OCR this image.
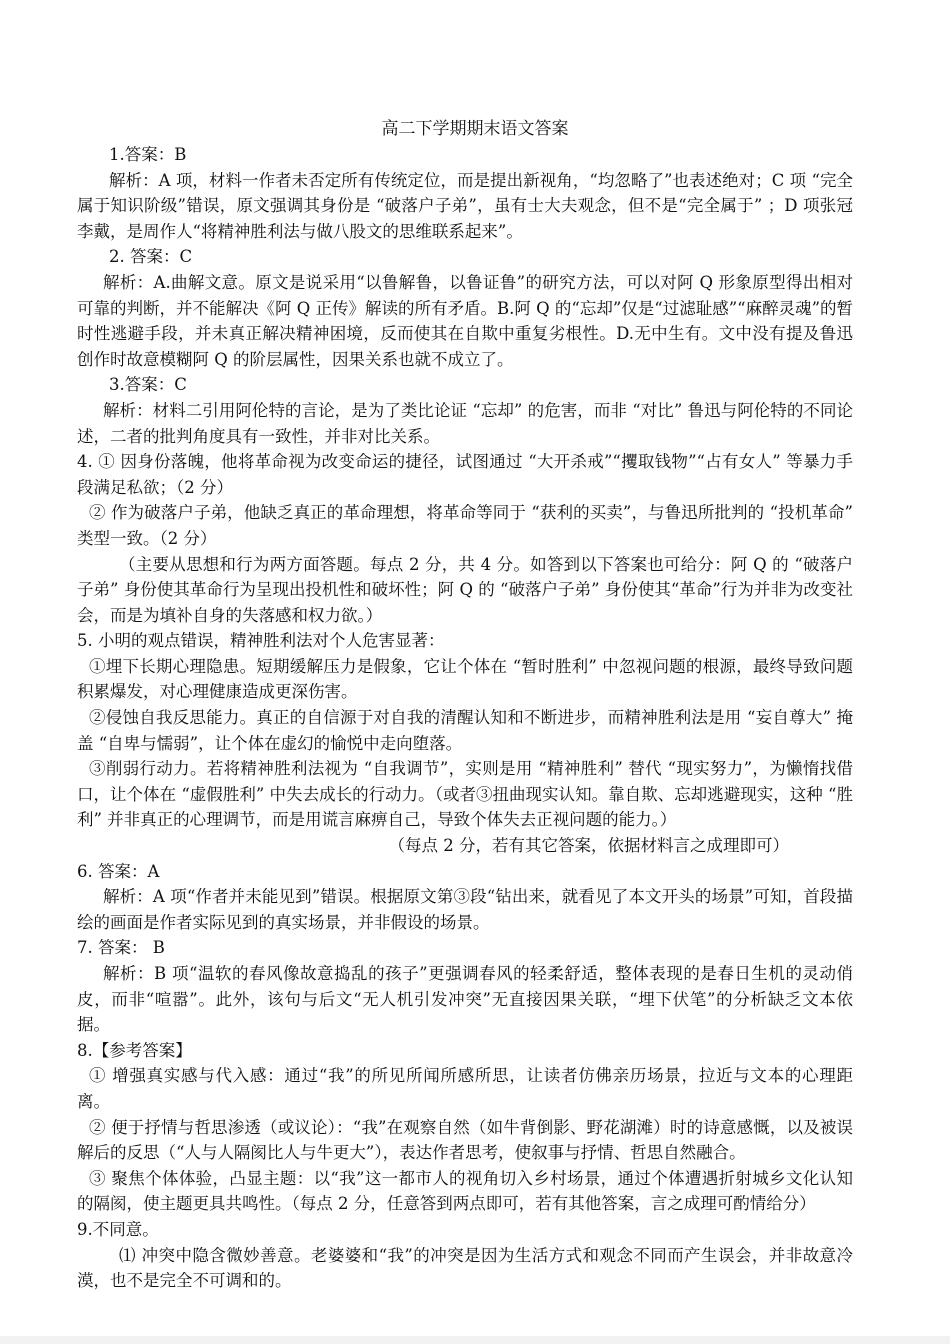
高二下学期期末语文答案

1.答案：B

解析：A 项，材料一作者未否定所有传统定位，而是提出新视角，“均忽略了”也表述绝对；C 项 “完全属于知识阶级”错误，原文强调其身份是 “破落户子弟”，虽有士大夫观念，但不是“完全属于” ；D 项张冠李戴，是周作人“将精神胜利法与做八股文的思维联系起来”。

2. 答案：C

解析：A.曲解文意。原文是说采用“以鲁解鲁，以鲁证鲁”的研究方法，可以对阿 Q 形象原型得出相对可靠的判断，并不能解决《阿 Q 正传》解读的所有矛盾。B.阿 Q 的“忘却”仅是“过滤耻感”“麻醉灵魂”的暂时性逃避手段，并未真正解决精神困境，反而使其在自欺中重复劣根性。D.无中生有。文中没有提及鲁迅创作时故意模糊阿 Q 的阶层属性，因果关系也就不成立了。

3.答案：C

解析：材料二引用阿伦特的言论，是为了类比论证 “忘却” 的危害，而非 “对比” 鲁迅与阿伦特的不同论述，二者的批判角度具有一致性，并非对比关系。

4. ① 因身份落魄，他将革命视为改变命运的捷径，试图通过 “大开杀戒”“攫取钱物”“占有女人” 等暴力手段满足私欲；（2 分）

② 作为破落户子弟，他缺乏真正的革命理想，将革命等同于 “获利的买卖”，与鲁迅所批判的 “投机革命” 类型一致。（2 分）

（主要从思想和行为两方面答题。每点 2 分，共 4 分。如答到以下答案也可给分：阿 Q 的 “破落户子弟” 身份使其革命行为呈现出投机性和破坏性；阿 Q 的 “破落户子弟” 身份使其“革命”行为并非为改变社会，而是为填补自身的失落感和权力欲。）

5. 小明的观点错误，精神胜利法对个人危害显著：

①埋下长期心理隐患。短期缓解压力是假象，它让个体在 “暂时胜利” 中忽视问题的根源，最终导致问题积累爆发，对心理健康造成更深伤害。

②侵蚀自我反思能力。真正的自信源于对自我的清醒认知和不断进步，而精神胜利法是用 “妄自尊大” 掩盖 “自卑与懦弱”，让个体在虚幻的愉悦中走向堕落。

③削弱行动力。若将精神胜利法视为 “自我调节”，实则是用 “精神胜利” 替代 “现实努力”，为懒惰找借口，让个体在 “虚假胜利” 中失去成长的行动力。（或者③扭曲现实认知。靠自欺、忘却逃避现实，这种 “胜利” 并非真正的心理调节，而是用谎言麻痹自己，导致个体失去正视问题的能力。）

（每点 2 分，若有其它答案，依据材料言之成理即可）

6. 答案：A

解析：A 项“作者并未能见到”错误。根据原文第③段“钻出来，就看见了本文开头的场景”可知，首段描绘的画面是作者实际见到的真实场景，并非假设的场景。

7. 答案： B

解析：B 项“温软的春风像故意捣乱的孩子”更强调春风的轻柔舒适，整体表现的是春日生机的灵动俏皮，而非“喧嚣”。此外，该句与后文“无人机引发冲突”无直接因果关联，“埋下伏笔”的分析缺乏文本依据。

8.【参考答案】

① 增强真实感与代入感：通过“我”的所见所闻所感所思，让读者仿佛亲历场景，拉近与文本的心理距离。

② 便于抒情与哲思渗透（或议论）：“我”在观察自然（如牛背倒影、野花湖滩）时的诗意感慨，以及被误解后的反思（“人与人隔阂比人与牛更大”），表达作者思考，使叙事与抒情、哲思自然融合。

③ 聚焦个体体验，凸显主题：以“我”这一都市人的视角切入乡村场景，通过个体遭遇折射城乡文化认知的隔阂，使主题更具共鸣性。（每点 2 分，任意答到两点即可，若有其他答案，言之成理可酌情给分）

9.不同意。

⑴ 冲突中隐含微妙善意。老婆婆和“我”的冲突是因为生活方式和观念不同而产生误会，并非故意冷漠，也不是完全不可调和的。
